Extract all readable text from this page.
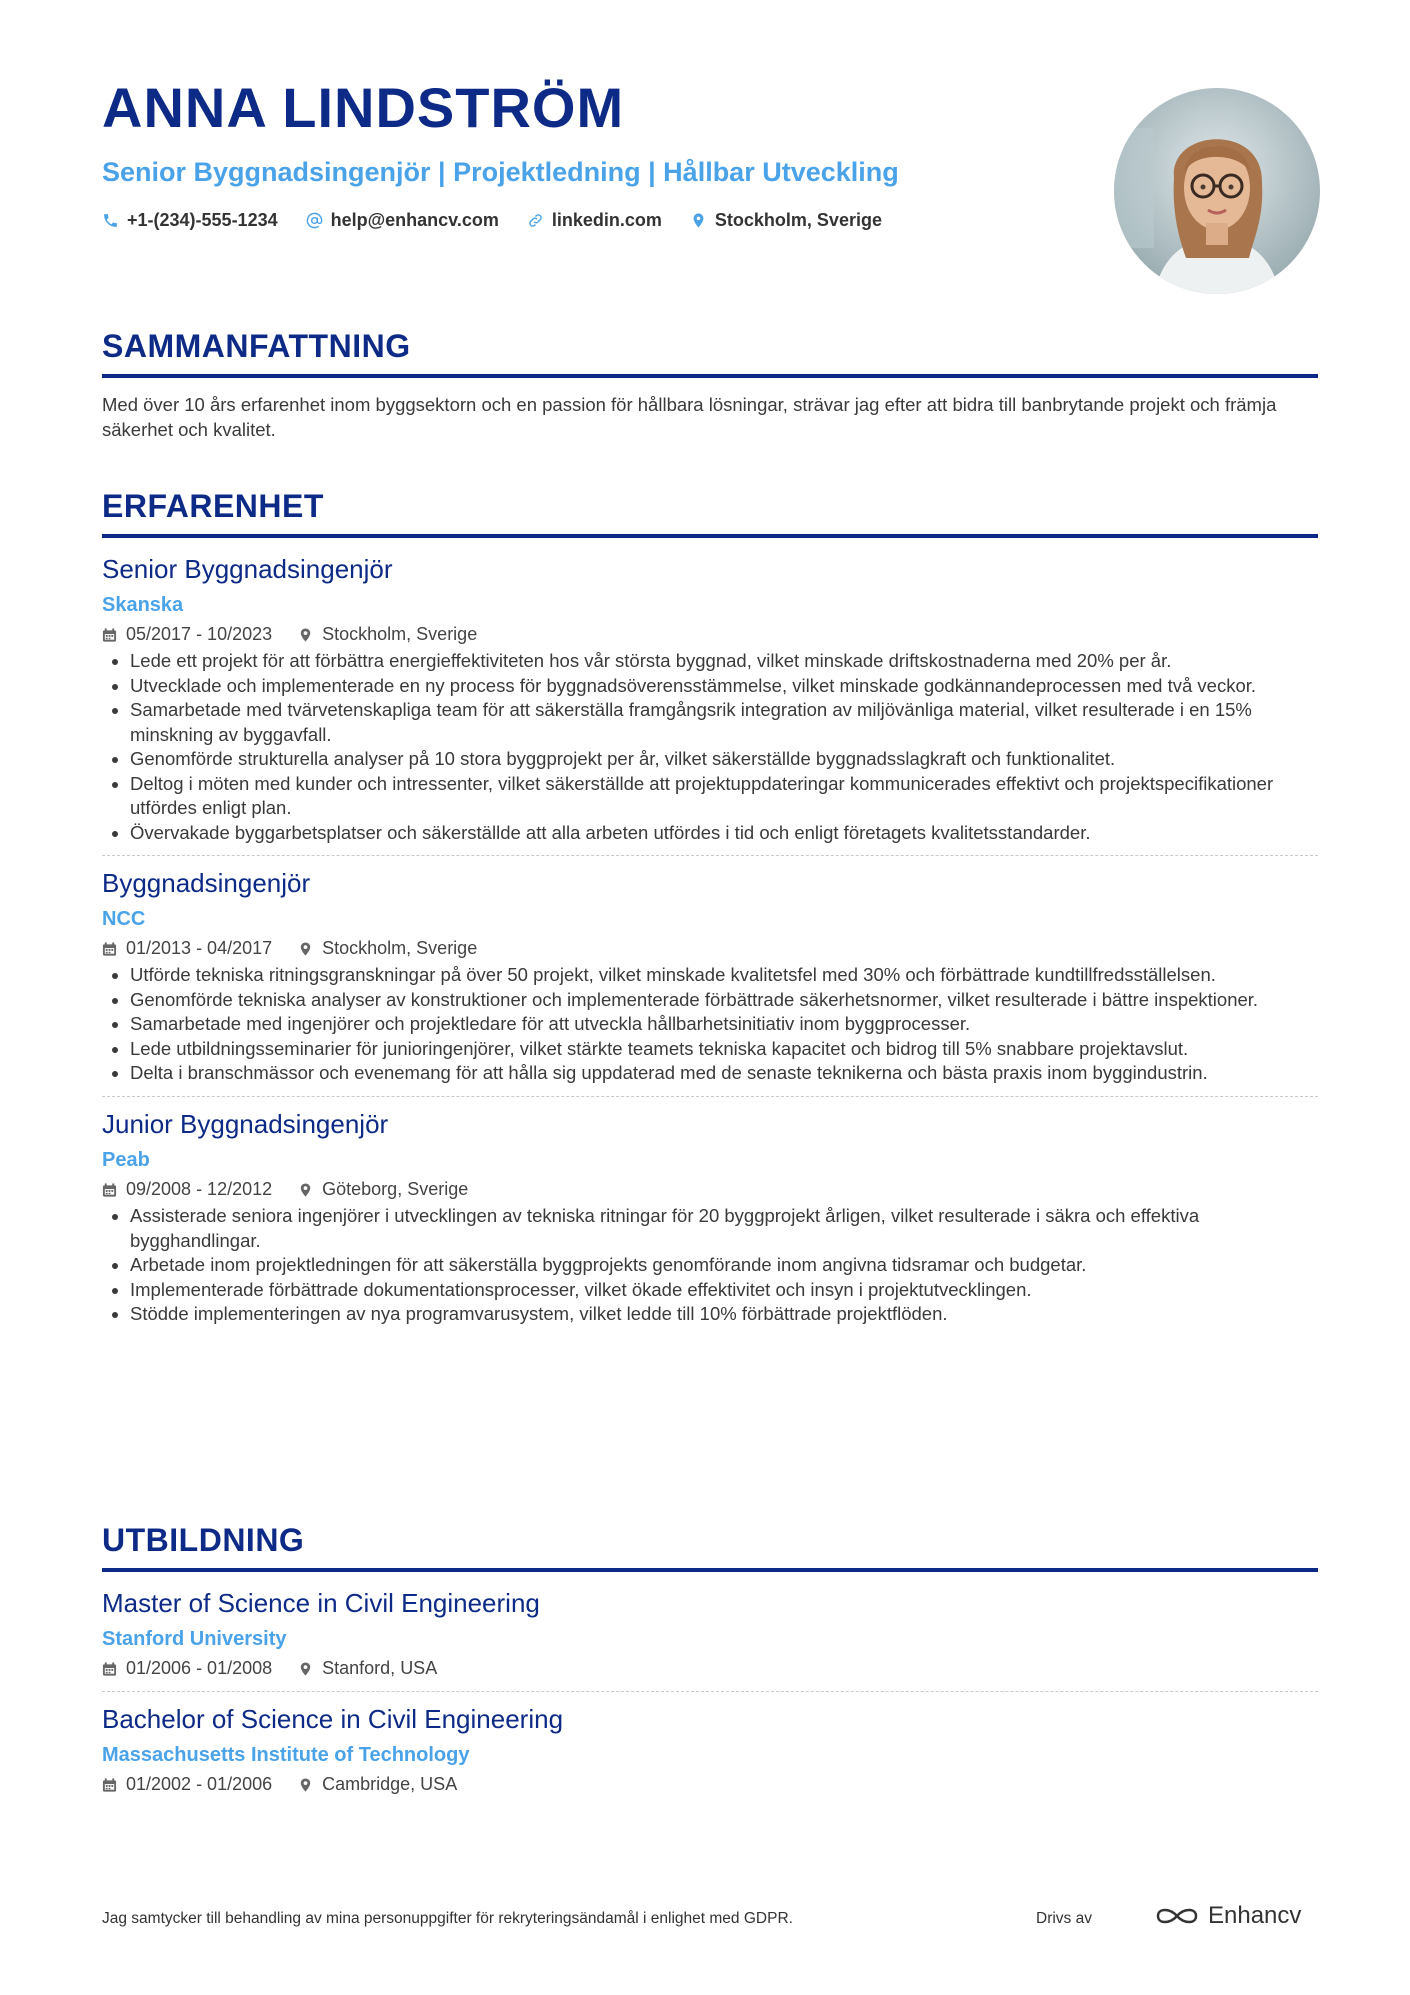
ANNA LINDSTRÖM
Senior Byggnadsingenjör | Projektledning | Hållbar Utveckling
+1-(234)-555-1234	help@enhancv.com	linkedin.com	Stockholm, Sverige
SAMMANFATTNING
Med över 10 års erfarenhet inom byggsektorn och en passion för hållbara lösningar, strävar jag efter att bidra till banbrytande projekt och främja säkerhet och kvalitet.
ERFARENHET
Senior Byggnadsingenjör
Skanska
05/2017 - 10/2023	Stockholm, Sverige
• Lede ett projekt för att förbättra energieffektiviteten hos vår största byggnad, vilket minskade driftskostnaderna med 20% per år.
• Utvecklade och implementerade en ny process för byggnadsöverensstämmelse, vilket minskade godkännandeprocessen med två veckor.
• Samarbetade med tvärvetenskapliga team för att säkerställa framgångsrik integration av miljövänliga material, vilket resulterade i en 15% minskning av byggavfall.
• Genomförde strukturella analyser på 10 stora byggprojekt per år, vilket säkerställde byggnadsslagkraft och funktionalitet.
• Deltog i möten med kunder och intressenter, vilket säkerställde att projektuppdateringar kommunicerades effektivt och projektspecifikationer utfördes enligt plan.
• Övervakade byggarbetsplatser och säkerställde att alla arbeten utfördes i tid och enligt företagets kvalitetsstandarder.
Byggnadsingenjör
NCC
01/2013 - 04/2017	Stockholm, Sverige
• Utförde tekniska ritningsgranskningar på över 50 projekt, vilket minskade kvalitetsfel med 30% och förbättrade kundtillfredsställelsen.
• Genomförde tekniska analyser av konstruktioner och implementerade förbättrade säkerhetsnormer, vilket resulterade i bättre inspektioner.
• Samarbetade med ingenjörer och projektledare för att utveckla hållbarhetsinitiativ inom byggprocesser.
• Lede utbildningsseminarier för junioringenjörer, vilket stärkte teamets tekniska kapacitet och bidrog till 5% snabbare projektavslut.
• Delta i branschmässor och evenemang för att hålla sig uppdaterad med de senaste teknikerna och bästa praxis inom byggindustrin.
Junior Byggnadsingenjör
Peab
09/2008 - 12/2012	Göteborg, Sverige
• Assisterade seniora ingenjörer i utvecklingen av tekniska ritningar för 20 byggprojekt årligen, vilket resulterade i säkra och effektiva bygghandlingar.
• Arbetade inom projektledningen för att säkerställa byggprojekts genomförande inom angivna tidsramar och budgetar.
• Implementerade förbättrade dokumentationsprocesser, vilket ökade effektivitet och insyn i projektutvecklingen.
• Stödde implementeringen av nya programvarusystem, vilket ledde till 10% förbättrade projektflöden.
UTBILDNING
Master of Science in Civil Engineering
Stanford University
01/2006 - 01/2008	Stanford, USA
Bachelor of Science in Civil Engineering
Massachusetts Institute of Technology
01/2002 - 01/2006	Cambridge, USA
Jag samtycker till behandling av mina personuppgifter för rekryteringsändamål i enlighet med GDPR.	Drivs av	Enhancv
